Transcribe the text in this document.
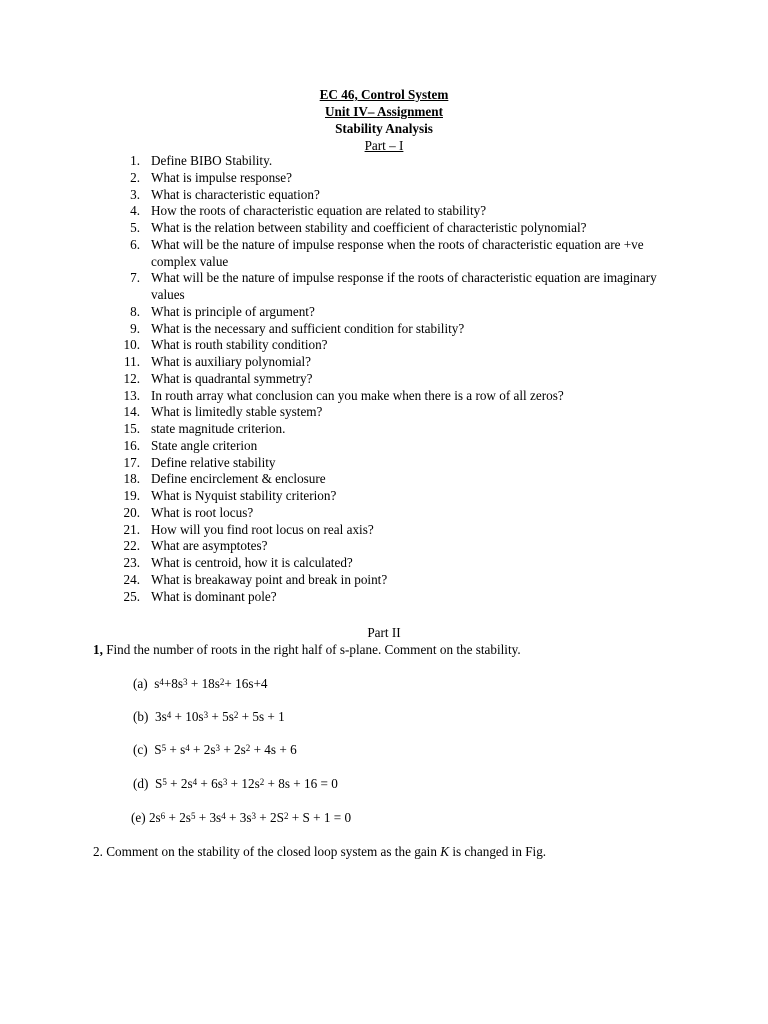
EC 46, Control System
Unit IV– Assignment
Stability Analysis
Part – I
1. Define BIBO Stability.
2. What is impulse response?
3. What is characteristic equation?
4. How the roots of characteristic equation are related to stability?
5. What is the relation between stability and coefficient of characteristic polynomial?
6. What will be the nature of impulse response when the roots of characteristic equation are +ve complex value
7. What will be the nature of impulse response if the roots of characteristic equation are imaginary values
8. What is principle of argument?
9. What is the necessary and sufficient condition for stability?
10. What is routh stability condition?
11. What is auxiliary polynomial?
12. What is quadrantal symmetry?
13. In routh array what conclusion can you make when there is a row of all zeros?
14. What is limitedly stable system?
15. state magnitude criterion.
16. State angle criterion
17. Define relative stability
18. Define encirclement & enclosure
19. What is Nyquist stability criterion?
20. What is root locus?
21. How will you find root locus on real axis?
22. What are asymptotes?
23. What is centroid, how it is calculated?
24. What is breakaway point and break in point?
25. What is dominant pole?
Part II
1, Find the number of roots in the right half of s-plane. Comment on the stability.
(a) $s^4+8s^3 + 18s^2+ 16s+4$
(b) $3s^4 + 10s^3 + 5s^2 + 5s + 1$
(c) $S^5 + s^4 + 2s^3 + 2s^2 + 4s + 6$
(d) $S^5 + 2s^4 + 6s^3 + 12s^2 + 8s + 16 = 0$
(e) $2s^6 + 2s^5 + 3s^4 + 3s^3 + 2S^2 + S + 1 = 0$
2. Comment on the stability of the closed loop system as the gain K is changed in Fig.
